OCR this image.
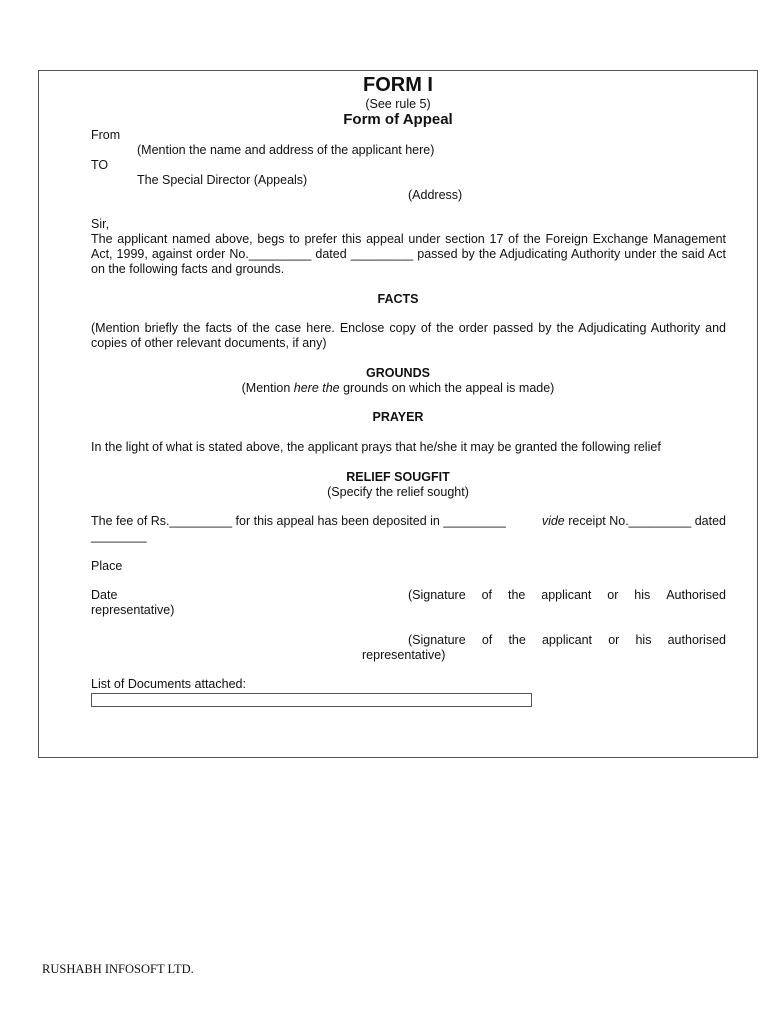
FORM I
(See rule 5)
Form of Appeal
From
(Mention the name and address of the applicant here)
TO
The Special Director (Appeals)
(Address)
Sir,
The applicant named above, begs to prefer this appeal under section 17 of the Foreign Exchange Management Act, 1999, against order No._________ dated _________ passed by the Adjudicating Authority under the said Act on the following facts and grounds.
FACTS
(Mention briefly the facts of the case here. Enclose copy of the order passed by the Adjudicating Authority and copies of other relevant documents, if any)
GROUNDS
(Mention here the grounds on which the appeal is made)
PRAYER
In the light of what is stated above, the applicant prays that he/she it may be granted the following relief
RELIEF SOUGFIT
(Specify the relief sought)
The fee of Rs._________ for this appeal has been deposited in _________	vide receipt No._________ dated
________
Place
Date	(Signature of the applicant or his Authorised
representative)
(Signature of the applicant or his authorised
representative)
List of Documents attached:
RUSHABH INFOSOFT LTD.
